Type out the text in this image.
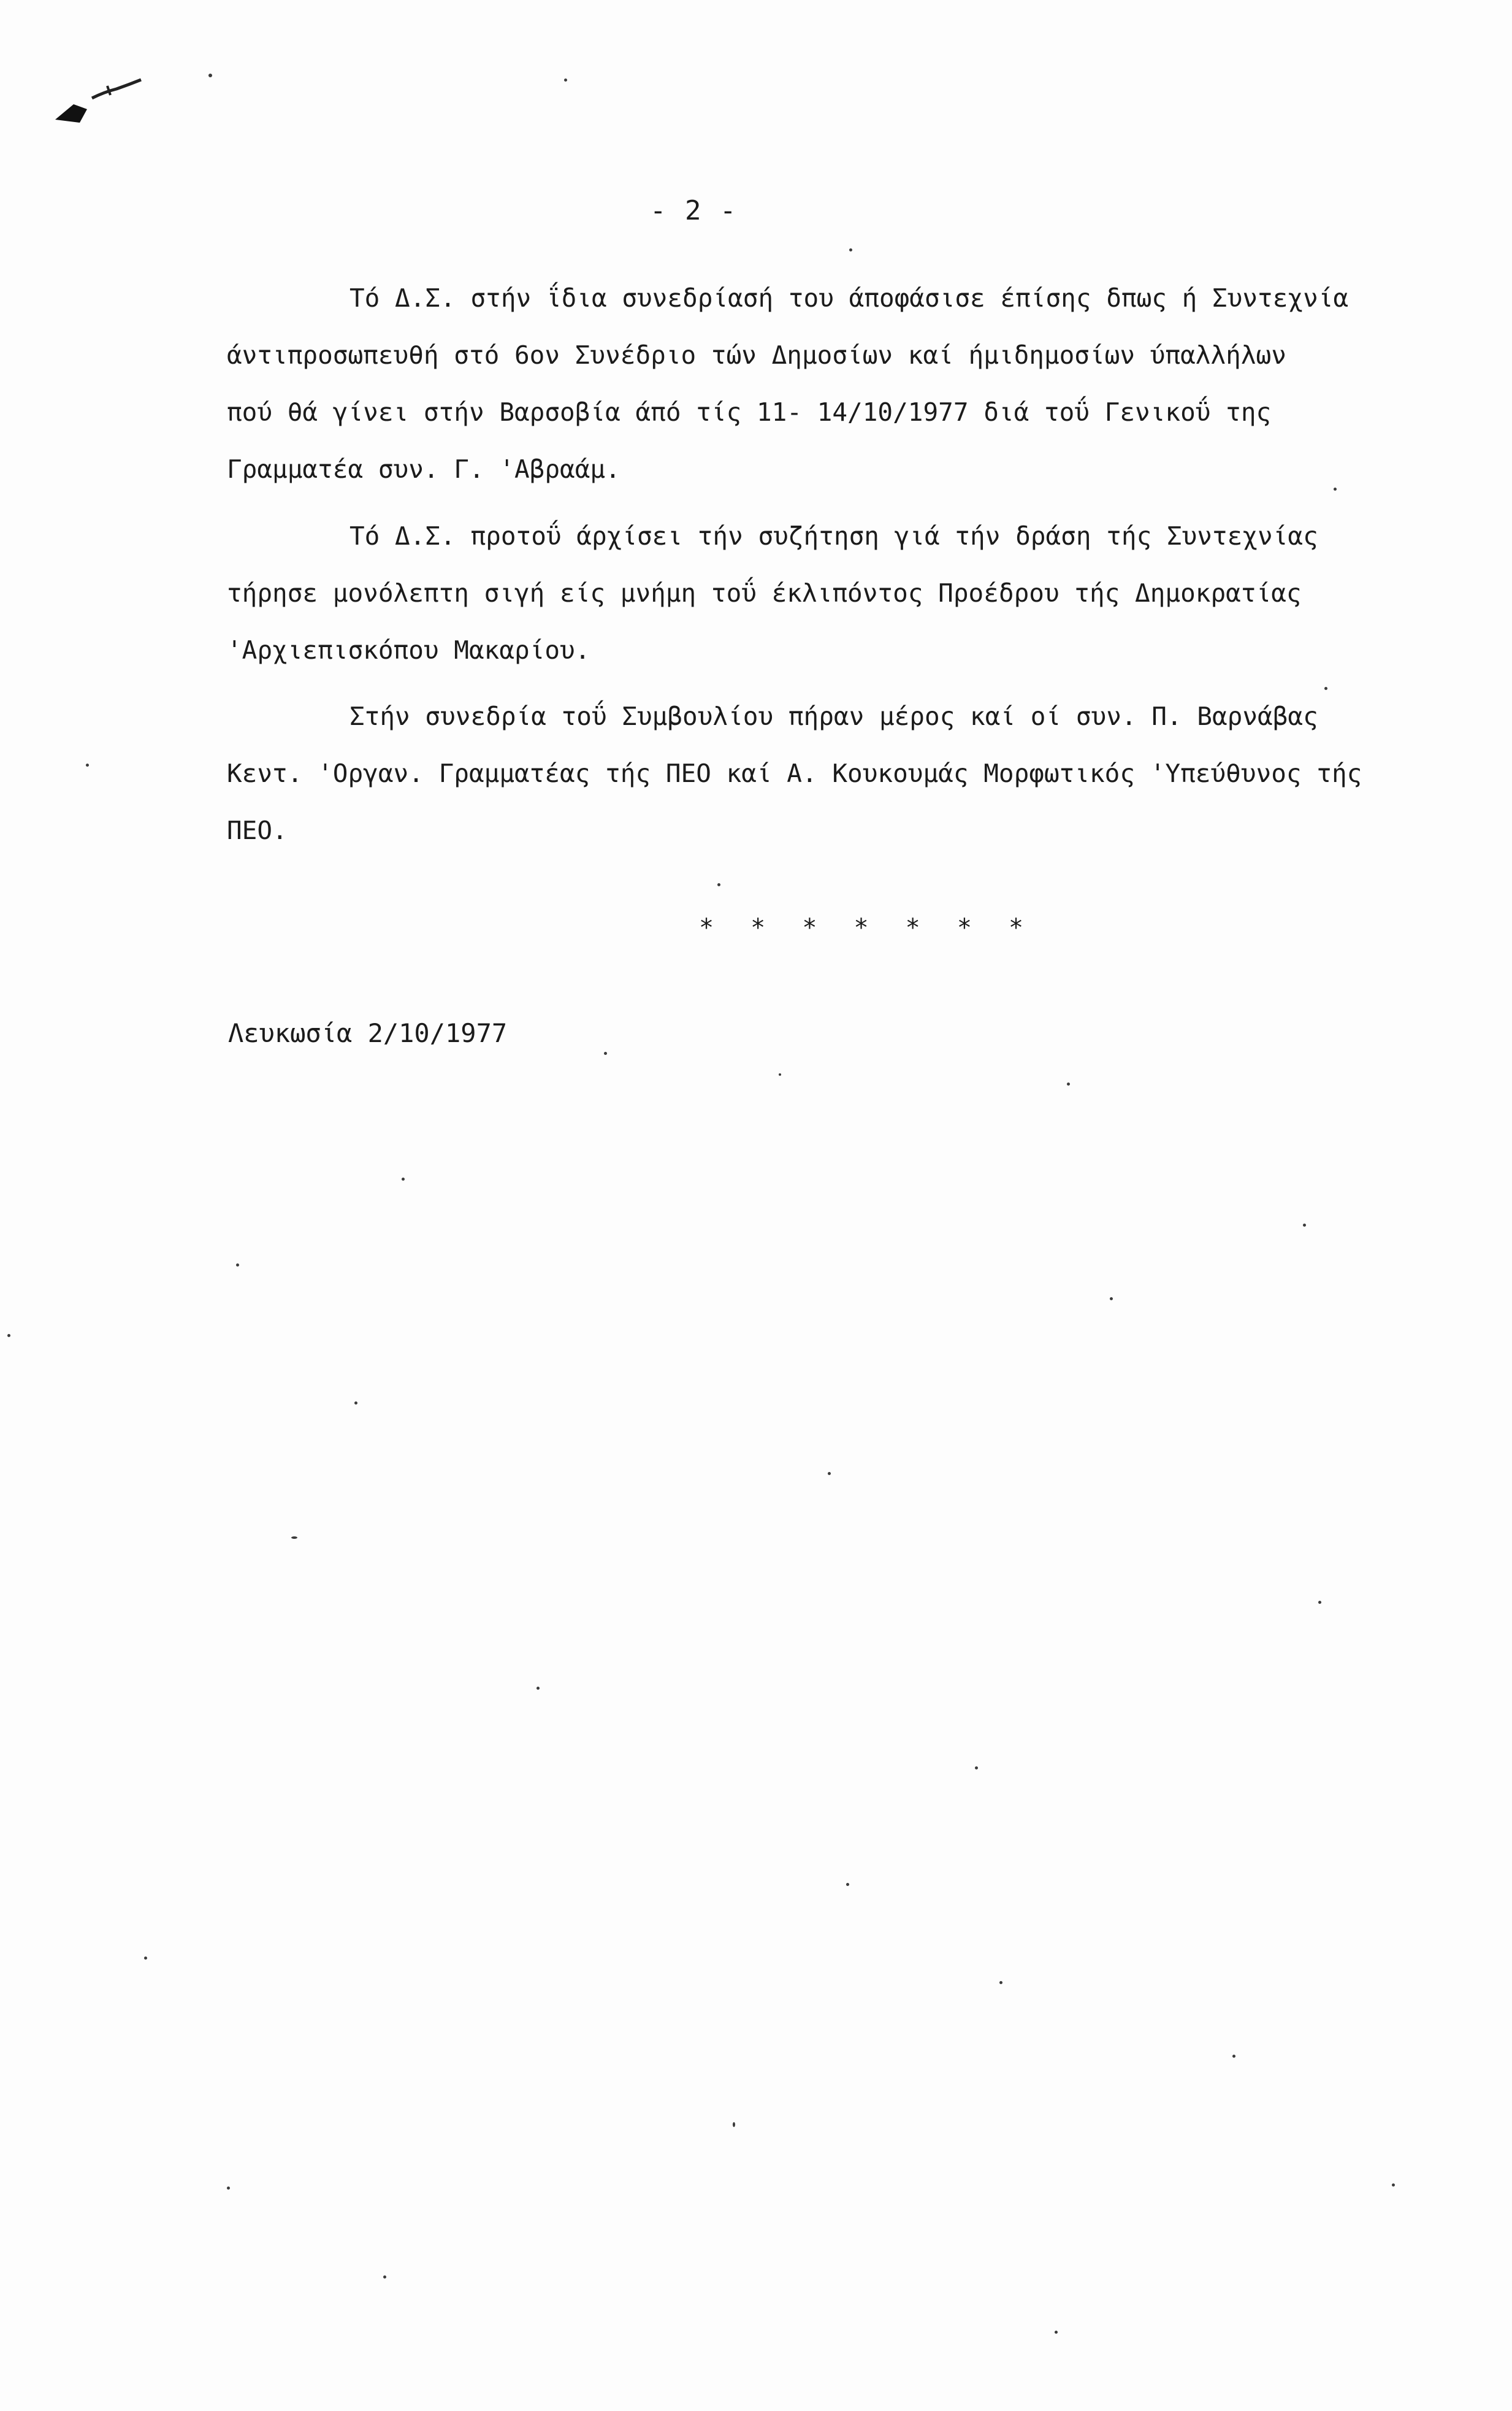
- 2 -
Τό Δ.Σ. στήν ΐδια συνεδρίασή του άποφάσισε έπίσης δπως ή Συντεχνία
άντιπροσωπευθή στό 6ον Συνέδριο τών Δημοσίων καί ήμιδημοσίων ύπαλλήλων
πού θά γίνει στήν Βαρσοβία άπό τίς 11- 14/10/1977 διά τοΰ Γενικοΰ της
Γραμματέα συν. Γ. 'Αβραάμ.
Τό Δ.Σ. προτοΰ άρχίσει τήν συζήτηση γιά τήν δράση τής Συντεχνίας
τήρησε μονόλεπτη σιγή είς μνήμη τοΰ έκλιπόντος Προέδρου τής Δημοκρατίας
'Αρχιεπισκόπου Μακαρίου.
Στήν συνεδρία τοΰ Συμβουλίου πήραν μέρος καί οί συν. Π. Βαρνάβας
Κεντ. 'Οργαν. Γραμματέας τής ΠΕΟ καί Α. Κουκουμάς Μορφωτικός 'Υπεύθυνος τής
ΠΕΟ.
* * * * * * *
Λευκωσία 2/10/1977
